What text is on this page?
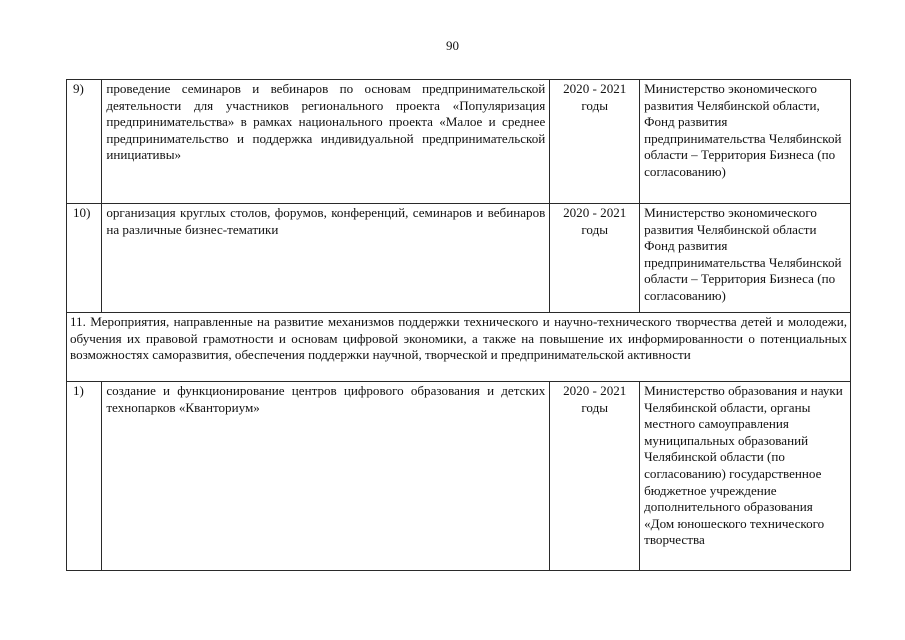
90
9)	проведение семинаров и вебинаров по основам предпринимательской деятельности для участников регионального проекта «Популяризация предпринимательства» в рамках национального проекта «Малое и среднее предпринимательство и поддержка индивидуальной предпринимательской инициативы»	2020 - 2021 годы	Министерство экономического развития Челябинской области, Фонд развития предпринимательства Челябинской области – Территория Бизнеса (по согласованию)
10)	организация круглых столов, форумов, конференций, семинаров и вебинаров на различные бизнес-тематики	2020 - 2021 годы	Министерство экономического развития Челябинской области Фонд развития предпринимательства Челябинской области – Территория Бизнеса (по согласованию)
11. Мероприятия, направленные на развитие механизмов поддержки технического и научно-технического творчества детей и молодежи, обучения их правовой грамотности и основам цифровой экономики, а также на повышение их информированности о потенциальных возможностях саморазвития, обеспечения поддержки научной, творческой и предпринимательской активности			
1)	создание и функционирование центров цифрового образования и детских технопарков «Кванториум»	2020 - 2021 годы	Министерство образования и науки Челябинской области, органы местного самоуправления муниципальных образований Челябинской области (по согласованию) государственное бюджетное учреждение дополнительного образования «Дом юношеского технического творчества
